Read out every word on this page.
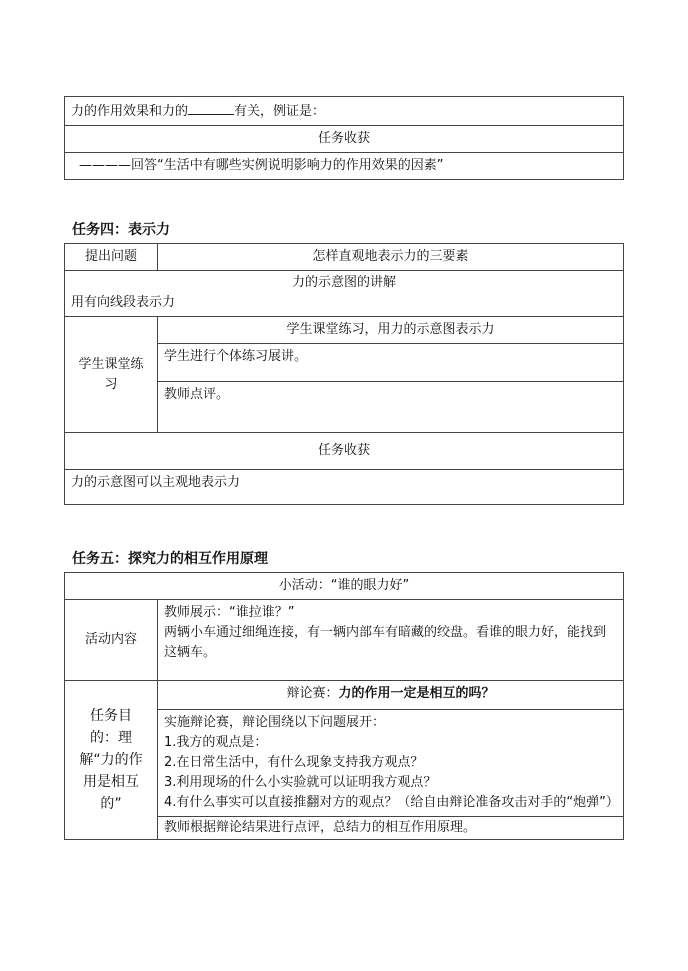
力的作用效果和力的	有关，例证是：
任务收获
————回答“生活中有哪些实例说明影响力的作用效果的因素”
任务四：表示力
提出问题	怎样直观地表示力的三要素

力的示意图的讲解
用有向线段表示力	

学生课堂练习	学生课堂练习，用力的示意图表示力
	学生进行个体练习展讲。
	教师点评。
任务收获	
力的示意图可以主观地表示力	
任务五：探究力的相互作用原理
小活动：“谁的眼力好”	
活动内容	教师展示：“谁拉谁？”
两辆小车通过细绳连接，有一辆内部车有暗藏的绞盘。看谁的眼力好，能找到这辆车。

任务目的：理解“力的作用是相互的”	辩论赛：力的作用一定是相互的吗？

	实施辩论赛，辩论围绕以下问题展开：
1.我方的观点是：
2.在日常生活中，有什么现象支持我方观点？
3.利用现场的什么小实验就可以证明我方观点？
4.有什么事实可以直接推翻对方的观点？（给自由辩论准备攻击对手的“炮弹”）

	教师根据辩论结果进行点评，总结力的相互作用原理。
